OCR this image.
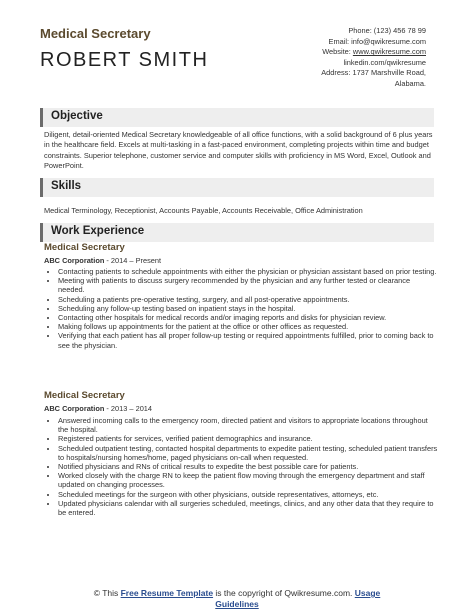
Medical Secretary
ROBERT SMITH
Phone: (123) 456 78 99
Email: info@qwikresume.com
Website: www.qwikresume.com
linkedin.com/qwikresume
Address: 1737 Marshville Road,
Alabama.
Objective
Diligent, detail-oriented Medical Secretary knowledgeable of all office functions, with a solid background of 6 plus years in the healthcare field. Excels at multi-tasking in a fast-paced environment, completing projects within time and budget constraints. Superior telephone, customer service and computer skills with proficiency in MS Word, Excel, Outlook and PowerPoint.
Skills
Medical Terminology, Receptionist, Accounts Payable, Accounts Receivable, Office Administration
Work Experience
Medical Secretary
ABC Corporation - 2014 – Present
• Contacting patients to schedule appointments with either the physician or physician assistant based on prior testing.
• Meeting with patients to discuss surgery recommended by the physician and any further tested or clearance needed.
• Scheduling a patients pre-operative testing, surgery, and all post-operative appointments.
• Scheduling any follow-up testing based on inpatient stays in the hospital.
• Contacting other hospitals for medical records and/or imaging reports and disks for physician review.
• Making follows up appointments for the patient at the office or other offices as requested.
• Verifying that each patient has all proper follow-up testing or required appointments fulfilled, prior to coming back to see the physician.
Medical Secretary
ABC Corporation - 2013 – 2014
• Answered incoming calls to the emergency room, directed patient and visitors to appropriate locations throughout the hospital.
• Registered patients for services, verified patient demographics and insurance.
• Scheduled outpatient testing, contacted hospital departments to expedite patient testing, scheduled patient transfers to hospitals/nursing homes/home, paged physicians on-call when requested.
• Notified physicians and RNs of critical results to expedite the best possible care for patients.
• Worked closely with the charge RN to keep the patient flow moving through the emergency department and staff updated on changing processes.
• Scheduled meetings for the surgeon with other physicians, outside representatives, attorneys, etc.
• Updated physicians calendar with all surgeries scheduled, meetings, clinics, and any other data that they require to be entered.
© This Free Resume Template is the copyright of Qwikresume.com. Usage
Guidelines
